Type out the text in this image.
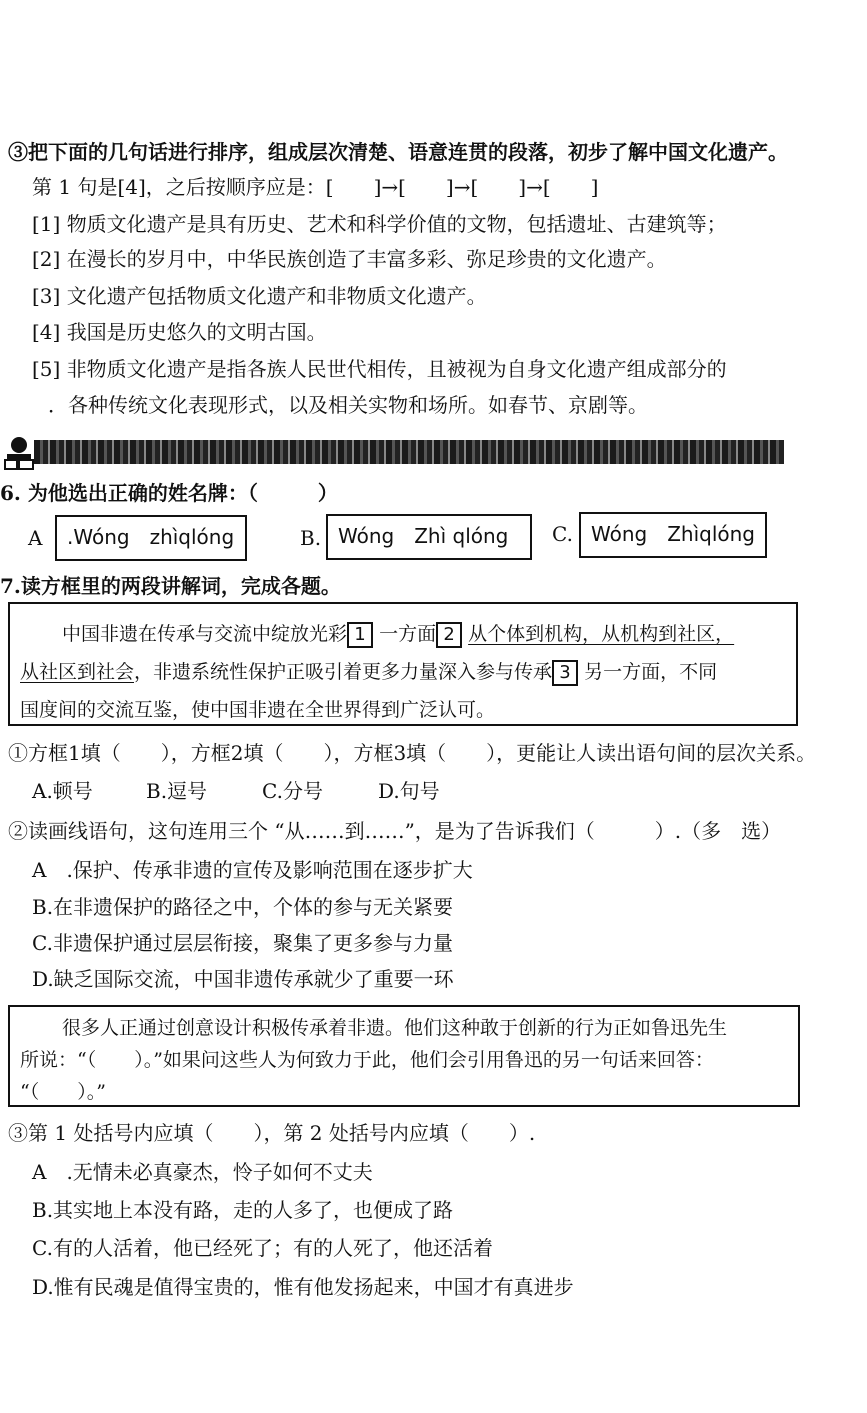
③把下面的几句话进行排序，组成层次清楚、语意连贯的段落，初步了解中国文化遗产。
第 1 句是[4]，之后按顺序应是：[　　]→[　　]→[　　]→[　　]
[1] 物质文化遗产是具有历史、艺术和科学价值的文物，包括遗址、古建筑等；
[2] 在漫长的岁月中，中华民族创造了丰富多彩、弥足珍贵的文化遗产。
[3] 文化遗产包括物质文化遗产和非物质文化遗产。
[4] 我国是历史悠久的文明古国。
[5] 非物质文化遗产是指各族人民世代相传，且被视为自身文化遗产组成部分的
．各种传统文化表现形式，以及相关实物和场所。如春节、京剧等。
6. 为他选出正确的姓名牌：（　　　）
A	.Wóng　zhìqlóng	B. Wóng　Zhì qlóng	C. Wóng　Zhìqlóng
7.读方框里的两段讲解词，完成各题。
中国非遗在传承与交流中绽放光彩 1 一方面 2 从个体到机构，从机构到社区，
从社区到社会，非遗系统性保护正吸引着更多力量深入参与传承 3 另一方面，不同
国度间的交流互鉴，使中国非遗在全世界得到广泛认可。
①方框1填（　　），方框2填（　　），方框3填（　　），更能让人读出语句间的层次关系。
A.顿号	B.逗号	C.分号	D.句号
②读画线语句，这句连用三个 “从……到……”，是为了告诉我们（　　　）.（多　选）
A　.保护、传承非遗的宣传及影响范围在逐步扩大
B.在非遗保护的路径之中，个体的参与无关紧要
C.非遗保护通过层层衔接，聚集了更多参与力量
D.缺乏国际交流，中国非遗传承就少了重要一环
很多人正通过创意设计积极传承着非遗。他们这种敢于创新的行为正如鲁迅先生
所说：“（　　）。”如果问这些人为何致力于此，他们会引用鲁迅的另一句话来回答：
“（　　）。”
③第 1 处括号内应填（　　），第 2 处括号内应填（　　）.
A　.无情未必真豪杰，怜子如何不丈夫
B.其实地上本没有路，走的人多了，也便成了路
C.有的人活着，他已经死了；有的人死了，他还活着
D.惟有民魂是值得宝贵的，惟有他发扬起来，中国才有真进步
